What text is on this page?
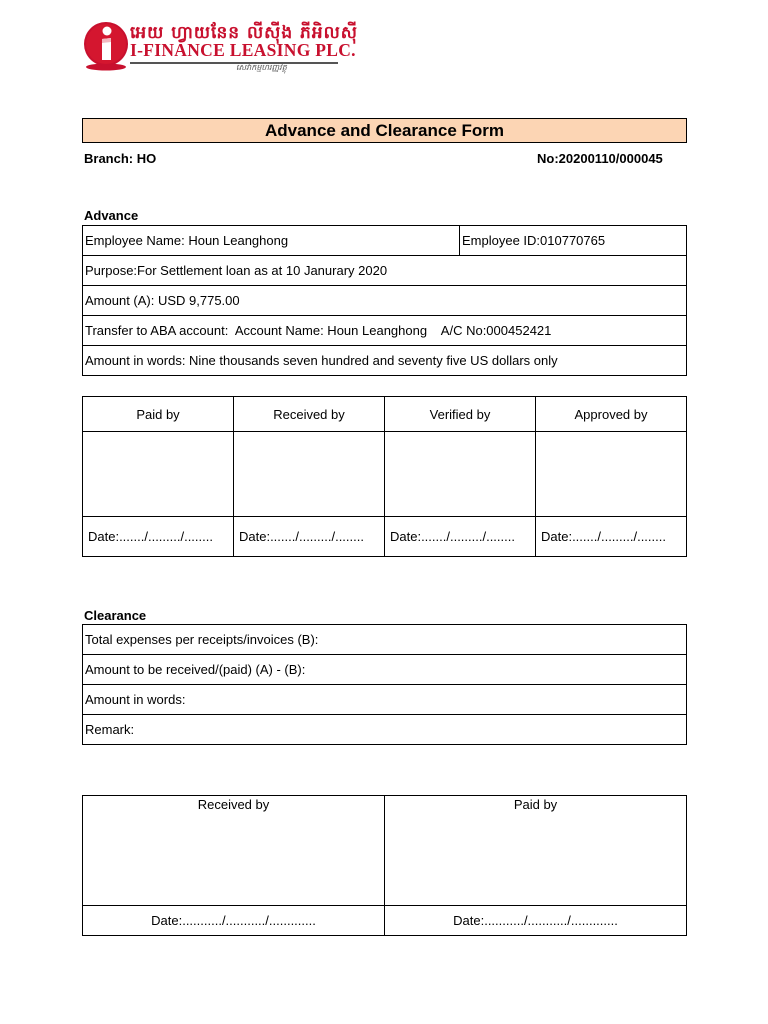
អេយ ហ្វាយនែន លីស៊ីង ភីអិលស៊ី
I-FINANCE LEASING PLC.
សេវាកម្មហិរញ្ញវត្ថុ
Advance and Clearance Form
Branch: HO	No:20200110/000045
Advance
Employee Name: Houn Leanghong	Employee ID:010770765
Purpose:For Settlement loan as at 10 Janurary 2020
Amount (A): USD 9,775.00
Transfer to ABA account:  Account Name: Houn Leanghong    A/C No:000452421
Amount in words: Nine thousands seven hundred and seventy five US dollars only
Paid by	Received by	Verified by	Approved by

Date:......./........./........	Date:......./........./........	Date:......./........./........	Date:......./........./........
Clearance
Total expenses per receipts/invoices (B):
Amount to be received/(paid) (A) - (B):
Amount in words:
Remark:
Received by	Paid by
Date:.........../.........../.............	Date:.........../.........../.............
